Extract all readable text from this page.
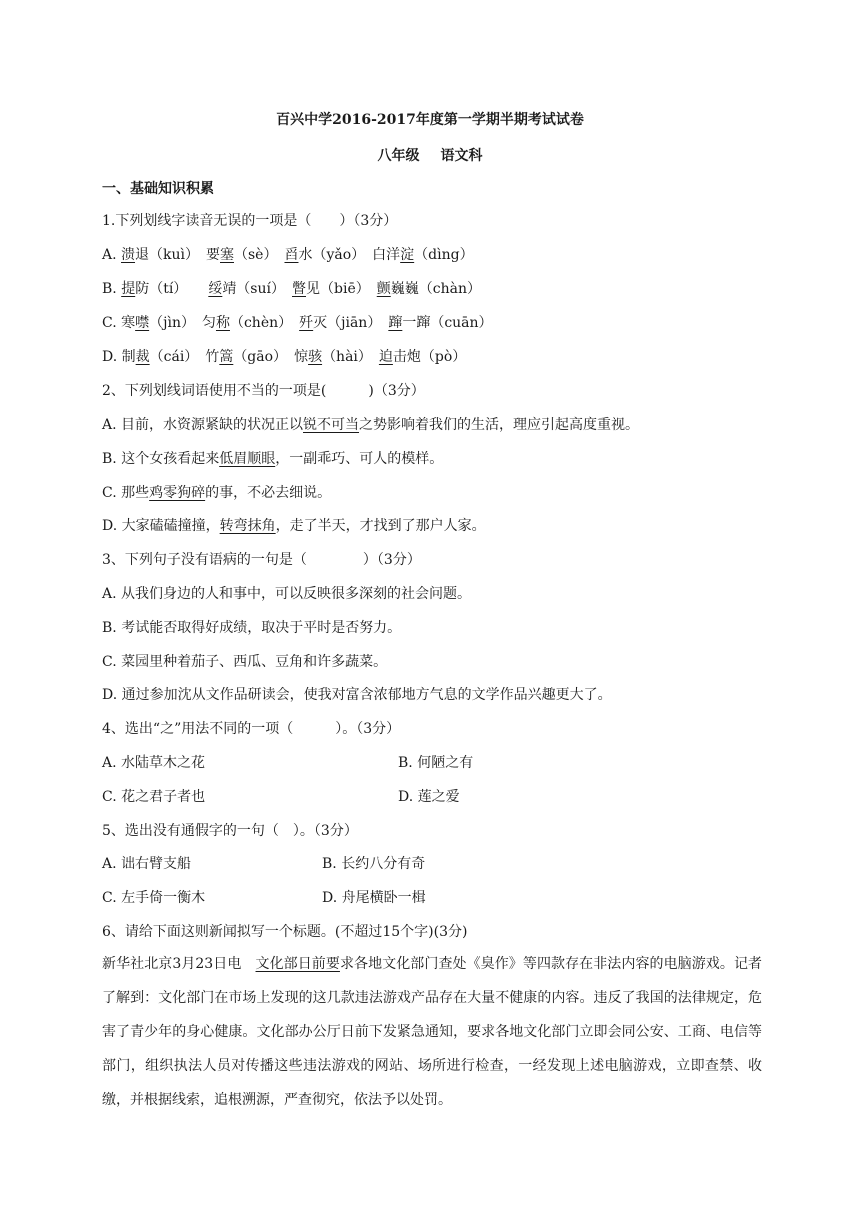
百兴中学2016-2017年度第一学期半期考试试卷
八年级　  语文科
一、基础知识积累
1.下列划线字读音无误的一项是（　　）（3分）
A. 溃退（kuì）　要塞（sè）　舀水（yǎo）　白洋淀（dìng）
B. 提防（tí）　　绥靖（suí）　瞥见（biē）　颤巍巍（chàn）
C. 寒噤（jìn）　匀称（chèn）　歼灭（jiān）　蹿一蹿（cuān）
D. 制裁（cái）　竹篙（gāo）　惊骇（hài）　迫击炮（pò）
2、下列划线词语使用不当的一项是(　　　)（3分）
A. 目前，水资源紧缺的状况正以锐不可当之势影响着我们的生活，理应引起高度重视。
B. 这个女孩看起来低眉顺眼，一副乖巧、可人的模样。
C. 那些鸡零狗碎的事，不必去细说。
D. 大家磕磕撞撞，转弯抹角，走了半天，才找到了那户人家。
3、下列句子没有语病的一句是（　　　　）（3分）
A. 从我们身边的人和事中，可以反映很多深刻的社会问题。
B. 考试能否取得好成绩，取决于平时是否努力。
C. 菜园里种着茄子、西瓜、豆角和许多蔬菜。
D. 通过参加沈从文作品研读会，使我对富含浓郁地方气息的文学作品兴趣更大了。
4、选出“之”用法不同的一项（　　　）。（3分）
A. 水陆草木之花	B. 何陋之有
C. 花之君子者也	D. 莲之爱
5、选出没有通假字的一句（　）。（3分）
A. 诎右臂支船	B. 长约八分有奇
C. 左手倚一衡木	D. 舟尾横卧一楫
6、请给下面这则新闻拟写一个标题。(不超过15个字)(3分)
新华社北京3月23日电　文化部日前要求各地文化部门查处《臭作》等四款存在非法内容的电脑游戏。记者了解到：文化部门在市场上发现的这几款违法游戏产品存在大量不健康的内容。违反了我国的法律规定，危害了青少年的身心健康。文化部办公厅日前下发紧急通知，要求各地文化部门立即会同公安、工商、电信等部门，组织执法人员对传播这些违法游戏的网站、场所进行检查，一经发现上述电脑游戏，立即查禁、收缴，并根据线索，追根溯源，严查彻究，依法予以处罚。
